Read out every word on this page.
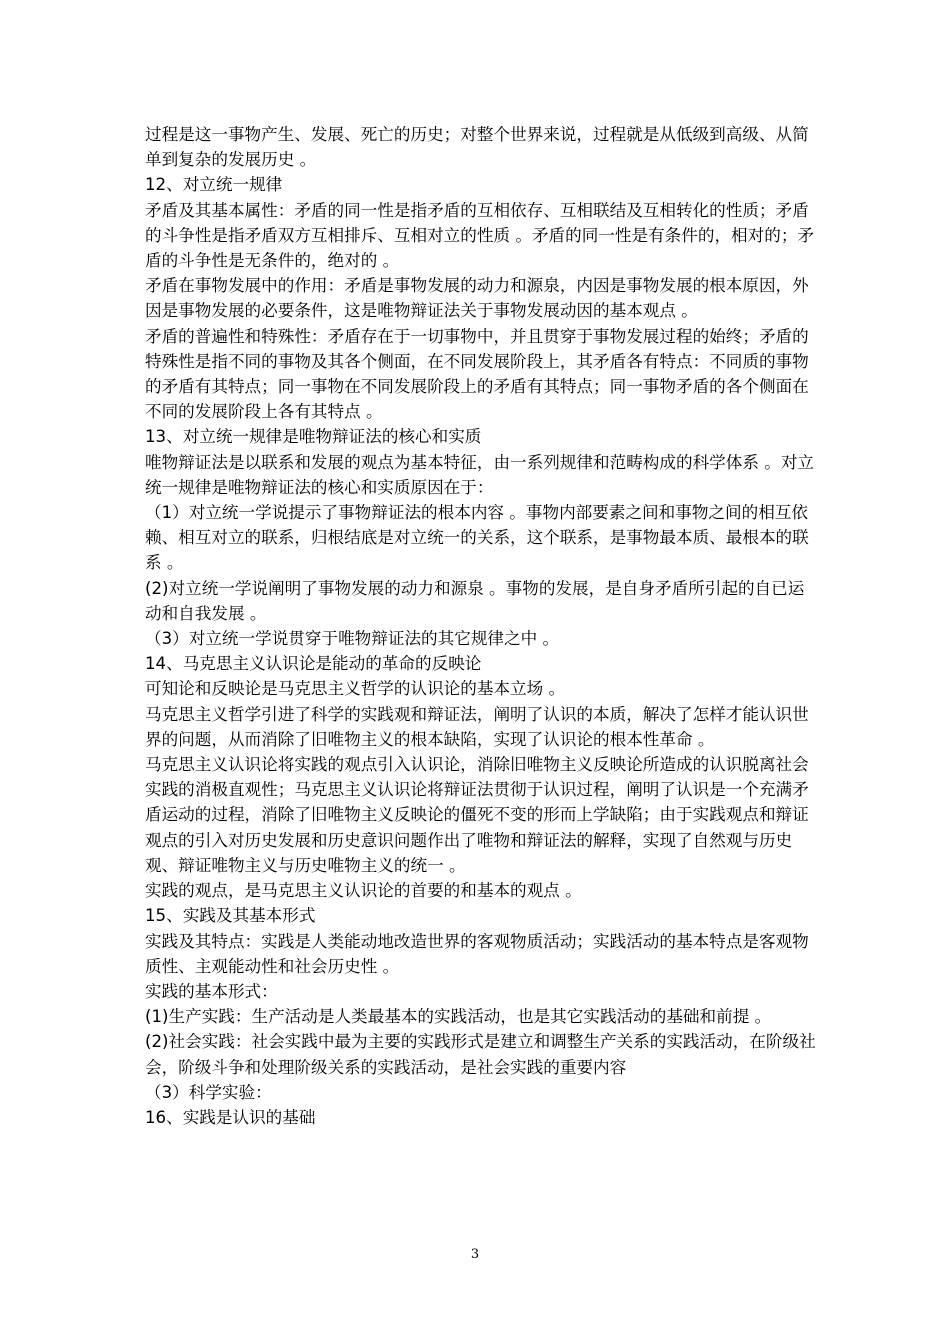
过程是这一事物产生、发展、死亡的历史；对整个世界来说，过程就是从低级到高级、从简单到复杂的发展历史 。

12、对立统一规律

矛盾及其基本属性：矛盾的同一性是指矛盾的互相依存、互相联结及互相转化的性质；矛盾的斗争性是指矛盾双方互相排斥、互相对立的性质 。矛盾的同一性是有条件的，相对的；矛盾的斗争性是无条件的，绝对的 。

矛盾在事物发展中的作用：矛盾是事物发展的动力和源泉，内因是事物发展的根本原因，外因是事物发展的必要条件，这是唯物辩证法关于事物发展动因的基本观点 。

矛盾的普遍性和特殊性：矛盾存在于一切事物中，并且贯穿于事物发展过程的始终；矛盾的特殊性是指不同的事物及其各个侧面，在不同发展阶段上，其矛盾各有特点：不同质的事物的矛盾有其特点；同一事物在不同发展阶段上的矛盾有其特点；同一事物矛盾的各个侧面在不同的发展阶段上各有其特点 。

13、对立统一规律是唯物辩证法的核心和实质

唯物辩证法是以联系和发展的观点为基本特征，由一系列规律和范畴构成的科学体系 。对立统一规律是唯物辩证法的核心和实质原因在于：

（1）对立统一学说提示了事物辩证法的根本内容 。事物内部要素之间和事物之间的相互依赖、相互对立的联系，归根结底是对立统一的关系，这个联系，是事物最本质、最根本的联系 。

(2)对立统一学说阐明了事物发展的动力和源泉 。事物的发展，是自身矛盾所引起的自已运动和自我发展 。

（3）对立统一学说贯穿于唯物辩证法的其它规律之中 。

14、马克思主义认识论是能动的革命的反映论

可知论和反映论是马克思主义哲学的认识论的基本立场 。

马克思主义哲学引进了科学的实践观和辩证法，阐明了认识的本质，解决了怎样才能认识世界的问题，从而消除了旧唯物主义的根本缺陷，实现了认识论的根本性革命 。

马克思主义认识论将实践的观点引入认识论，消除旧唯物主义反映论所造成的认识脱离社会实践的消极直观性；马克思主义认识论将辩证法贯彻于认识过程，阐明了认识是一个充满矛盾运动的过程，消除了旧唯物主义反映论的僵死不变的形而上学缺陷；由于实践观点和辩证观点的引入对历史发展和历史意识问题作出了唯物和辩证法的解释，实现了自然观与历史观、辩证唯物主义与历史唯物主义的统一 。

实践的观点，是马克思主义认识论的首要的和基本的观点 。

15、实践及其基本形式

实践及其特点：实践是人类能动地改造世界的客观物质活动；实践活动的基本特点是客观物质性、主观能动性和社会历史性 。

实践的基本形式：

(1)生产实践：生产活动是人类最基本的实践活动，也是其它实践活动的基础和前提 。

(2)社会实践：社会实践中最为主要的实践形式是建立和调整生产关系的实践活动，在阶级社会，阶级斗争和处理阶级关系的实践活动，是社会实践的重要内容

（3）科学实验：

16、实践是认识的基础

3
